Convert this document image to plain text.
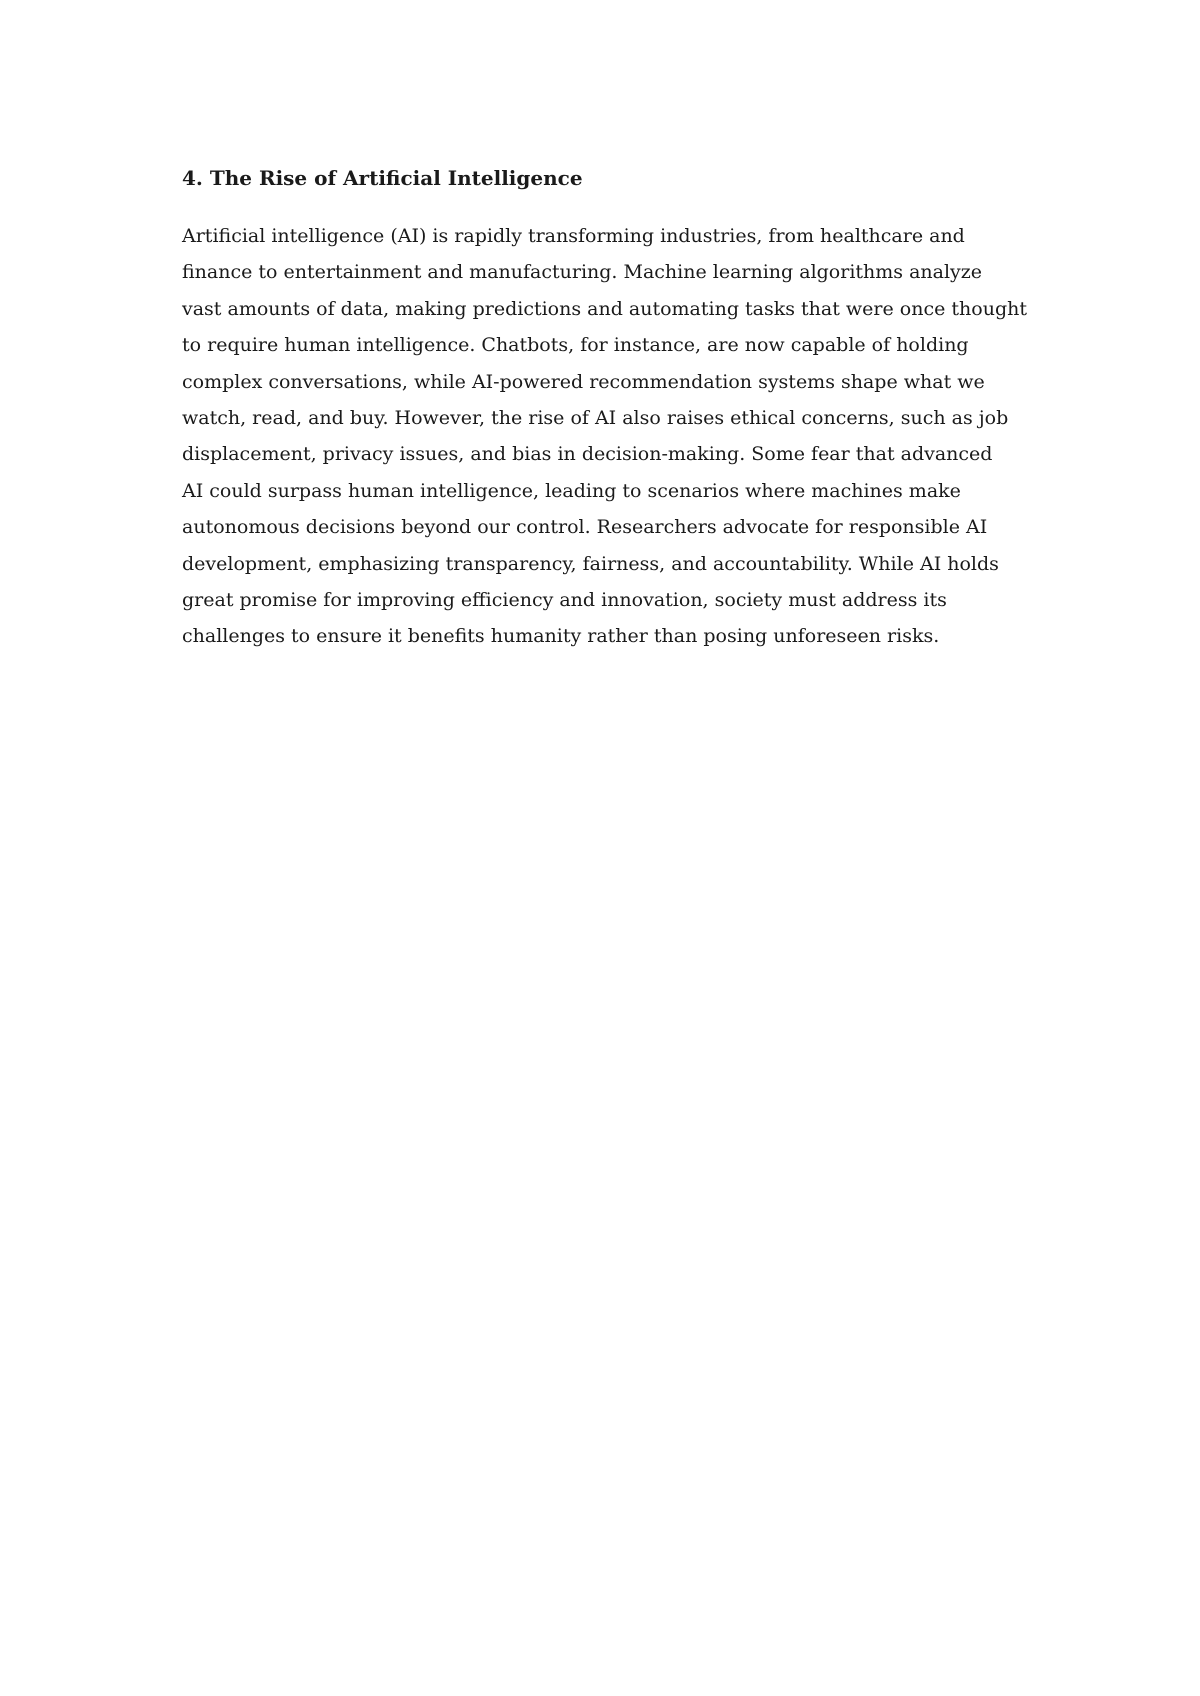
4. The Rise of Artificial Intelligence

Artificial intelligence (AI) is rapidly transforming industries, from healthcare and
finance to entertainment and manufacturing. Machine learning algorithms analyze
vast amounts of data, making predictions and automating tasks that were once thought
to require human intelligence. Chatbots, for instance, are now capable of holding
complex conversations, while AI-powered recommendation systems shape what we
watch, read, and buy. However, the rise of AI also raises ethical concerns, such as job
displacement, privacy issues, and bias in decision-making. Some fear that advanced
AI could surpass human intelligence, leading to scenarios where machines make
autonomous decisions beyond our control. Researchers advocate for responsible AI
development, emphasizing transparency, fairness, and accountability. While AI holds
great promise for improving efficiency and innovation, society must address its
challenges to ensure it benefits humanity rather than posing unforeseen risks.
